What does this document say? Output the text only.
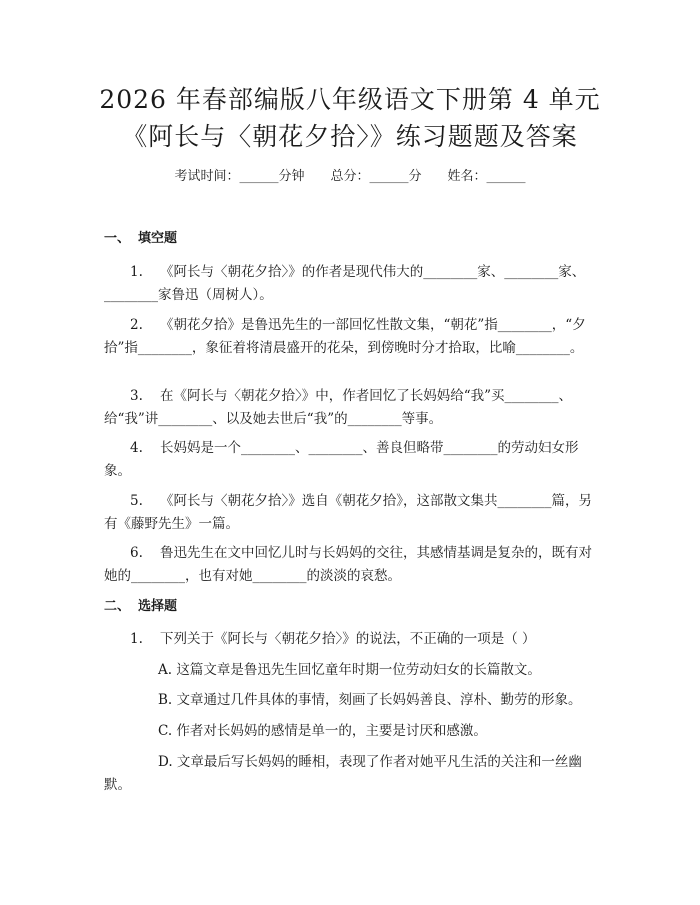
2026 年春部编版八年级语文下册第 4 单元
《阿长与〈朝花夕拾〉》练习题题及答案
考试时间：______分钟 总分：______分 姓名：______
一、 填空题

1. 《阿长与〈朝花夕拾〉》的作者是现代伟大的________家、________家、________家鲁迅（周树人）。

2. 《朝花夕拾》是鲁迅先生的一部回忆性散文集，“朝花”指________，“夕拾”指________，象征着将清晨盛开的花朵，到傍晚时分才拾取，比喻________。

3. 在《阿长与〈朝花夕拾〉》中，作者回忆了长妈妈给“我”买________、给“我”讲________、以及她去世后“我”的________等事。

4. 长妈妈是一个________、________、善良但略带________的劳动妇女形象。

5. 《阿长与〈朝花夕拾〉》选自《朝花夕拾》，这部散文集共________篇，另有《藤野先生》一篇。

6. 鲁迅先生在文中回忆儿时与长妈妈的交往，其感情基调是复杂的，既有对她的________，也有对她________的淡淡的哀愁。

二、 选择题

1. 下列关于《阿长与〈朝花夕拾〉》的说法，不正确的一项是（ ）

A. 这篇文章是鲁迅先生回忆童年时期一位劳动妇女的长篇散文。

B. 文章通过几件具体的事情，刻画了长妈妈善良、淳朴、勤劳的形象。

C. 作者对长妈妈的感情是单一的，主要是讨厌和感激。

D. 文章最后写长妈妈的睡相，表现了作者对她平凡生活的关注和一丝幽默。
